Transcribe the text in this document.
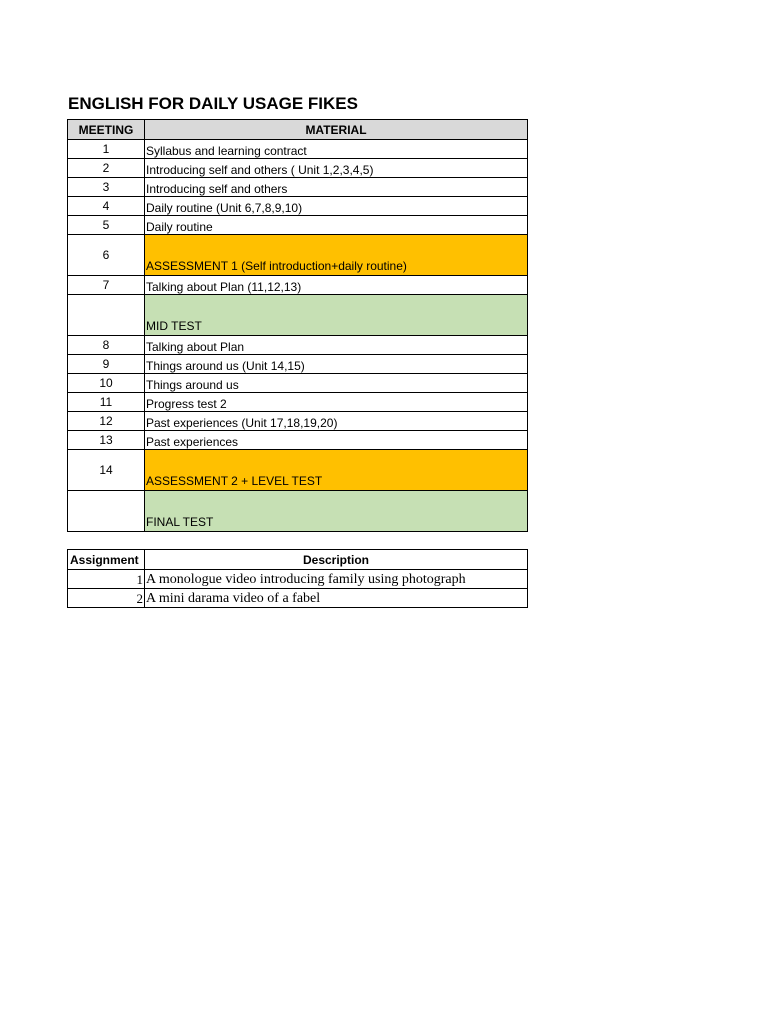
ENGLISH FOR DAILY USAGE FIKES
MEETING	MATERIAL
1	Syllabus and learning contract
2	Introducing self and others ( Unit 1,2,3,4,5)
3	Introducing self and others
4	Daily routine (Unit 6,7,8,9,10)
5	Daily routine
6	ASSESSMENT 1 (Self introduction+daily routine)
7	Talking about Plan (11,12,13)
	MID TEST
8	Talking about Plan
9	Things around us (Unit 14,15)
10	Things around us
11	Progress test 2
12	Past experiences (Unit 17,18,19,20)
13	Past experiences
14	ASSESSMENT 2 + LEVEL TEST
	FINAL TEST
Assignment	Description
1	A monologue video introducing family using photograph
2	A mini darama video of a fabel
